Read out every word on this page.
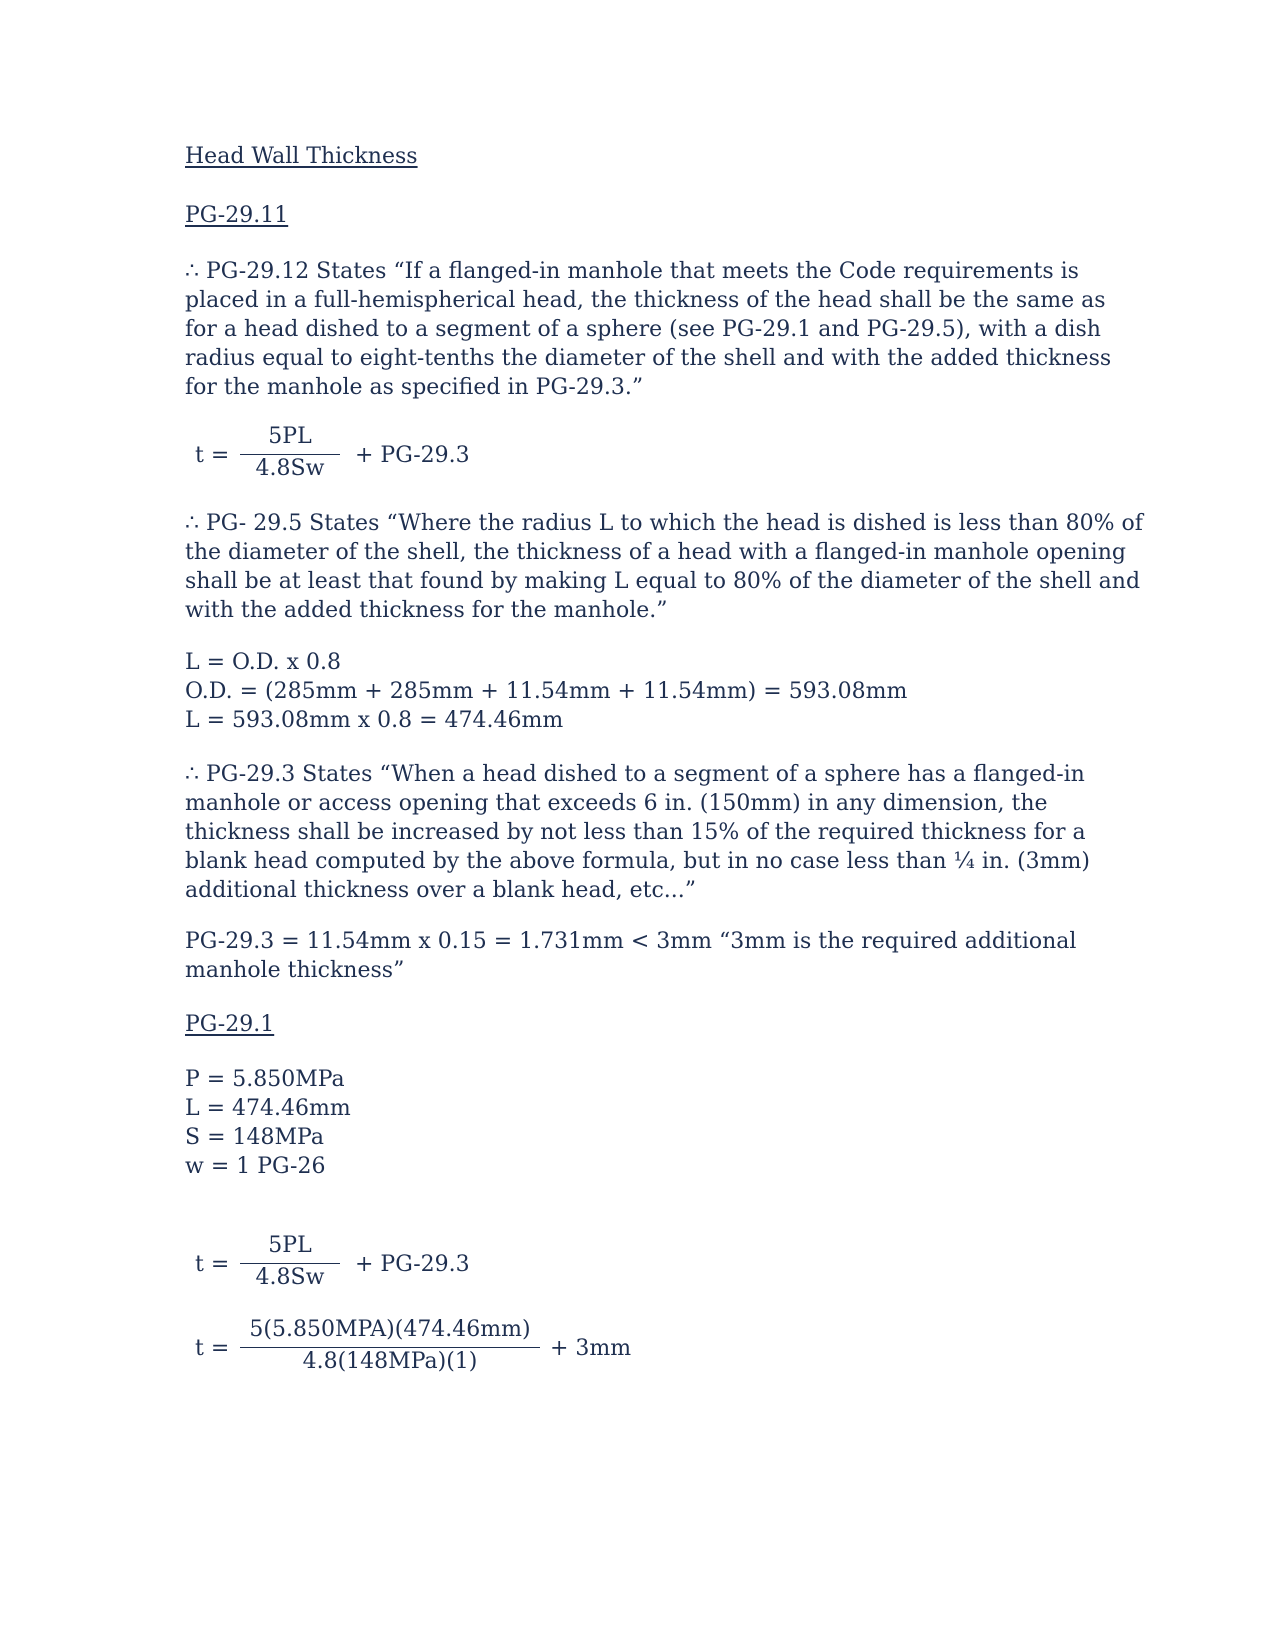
Head Wall Thickness
PG-29.11

∴ PG-29.12 States “If a flanged-in manhole that meets the Code requirements is

placed in a full-hemispherical head, the thickness of the head shall be the same as

for a head dished to a segment of a sphere (see PG-29.1 and PG-29.5), with a dish

radius equal to eight-tenths the diameter of the shell and with the added thickness

for the manhole as specified in PG-29.3.”

t =
5PL
4.8Sw
+ PG-29.3

∴ PG- 29.5 States “Where the radius L to which the head is dished is less than 80% of

the diameter of the shell, the thickness of a head with a flanged-in manhole opening

shall be at least that found by making L equal to 80% of the diameter of the shell and

with the added thickness for the manhole.”

L = O.D. x 0.8
O.D. = (285mm + 285mm + 11.54mm + 11.54mm) = 593.08mm
L = 593.08mm x 0.8 = 474.46mm

∴ PG-29.3 States “When a head dished to a segment of a sphere has a flanged-in

manhole or access opening that exceeds 6 in. (150mm) in any dimension, the

thickness shall be increased by not less than 15% of the required thickness for a

blank head computed by the above formula, but in no case less than ¼ in. (3mm)

additional thickness over a blank head, etc...”

PG-29.3 = 11.54mm x 0.15 = 1.731mm < 3mm “3mm is the required additional
manhole thickness”
PG-29.1
P = 5.850MPa
L = 474.46mm
S = 148MPa
w = 1 PG-26
t =
5PL
4.8Sw
+ PG-29.3
t =
5(5.850MPA)(474.46mm)
4.8(148MPa)(1)
+ 3mm
